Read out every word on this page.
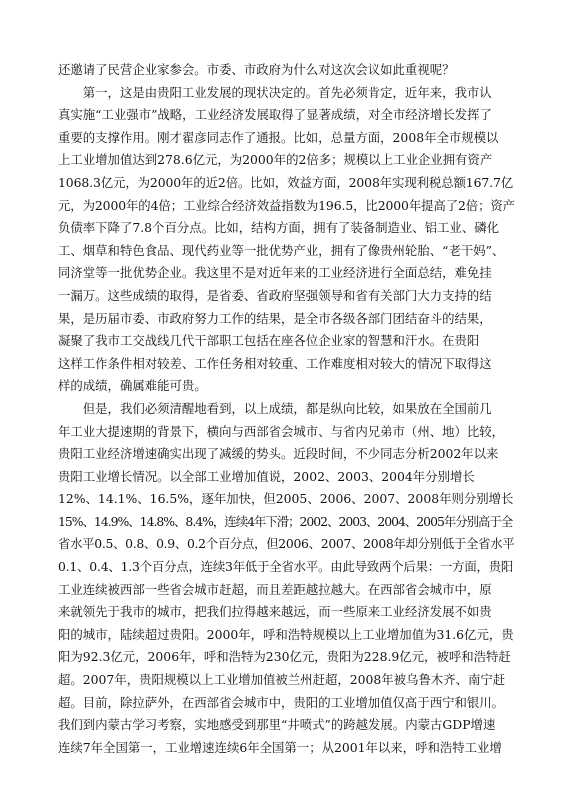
还邀请了民营企业家参会。市委、市政府为什么对这次会议如此重视呢？
　　第一，这是由贵阳工业发展的现状决定的。首先必须肯定，近年来，我市认
真实施“工业强市”战略，工业经济发展取得了显著成绩，对全市经济增长发挥了
重要的支撑作用。刚才翟彦同志作了通报。比如，总量方面，2008年全市规模以
上工业增加值达到278.6亿元，为2000年的2倍多；规模以上工业企业拥有资产
1068.3亿元，为2000年的近2倍。比如，效益方面，2008年实现利税总额167.7亿
元，为2000年的4倍；工业综合经济效益指数为196.5，比2000年提高了2倍；资产
负债率下降了7.8个百分点。比如，结构方面，拥有了装备制造业、铝工业、磷化
工、烟草和特色食品、现代药业等一批优势产业，拥有了像贵州轮胎、“老干妈”、
同济堂等一批优势企业。我这里不是对近年来的工业经济进行全面总结，难免挂
一漏万。这些成绩的取得，是省委、省政府坚强领导和省有关部门大力支持的结
果，是历届市委、市政府努力工作的结果，是全市各级各部门团结奋斗的结果，
凝聚了我市工交战线几代干部职工包括在座各位企业家的智慧和汗水。在贵阳
这样工作条件相对较差、工作任务相对较重、工作难度相对较大的情况下取得这
样的成绩，确属难能可贵。
　　但是，我们必须清醒地看到，以上成绩，都是纵向比较，如果放在全国前几
年工业大提速期的背景下，横向与西部省会城市、与省内兄弟市（州、地）比较，
贵阳工业经济增速确实出现了减缓的势头。近段时间，不少同志分析2002年以来
贵阳工业增长情况。以全部工业增加值说，2002、2003、2004年分别增长
12%、14.1%、16.5%，逐年加快，但2005、2006、2007、2008年则分别增长
15%、14.9%、14.8%、8.4%，连续4年下滑；2002、2003、2004、2005年分别高于全
省水平0.5、0.8、0.9、0.2个百分点，但2006、2007、2008年却分别低于全省水平
0.1、0.4、1.3个百分点，连续3年低于全省水平。由此导致两个后果：一方面，贵阳
工业连续被西部一些省会城市赶超，而且差距越拉越大。在西部省会城市中，原
来就领先于我市的城市，把我们拉得越来越远，而一些原来工业经济发展不如贵
阳的城市，陆续超过贵阳。2000年，呼和浩特规模以上工业增加值为31.6亿元，贵
阳为92.3亿元，2006年，呼和浩特为230亿元，贵阳为228.9亿元，被呼和浩特赶
超。2007年，贵阳规模以上工业增加值被兰州赶超，2008年被乌鲁木齐、南宁赶
超。目前，除拉萨外，在西部省会城市中，贵阳的工业增加值仅高于西宁和银川。
我们到内蒙古学习考察，实地感受到那里“井喷式”的跨越发展。内蒙古GDP增速
连续7年全国第一，工业增速连续6年全国第一；从2001年以来，呼和浩特工业增
